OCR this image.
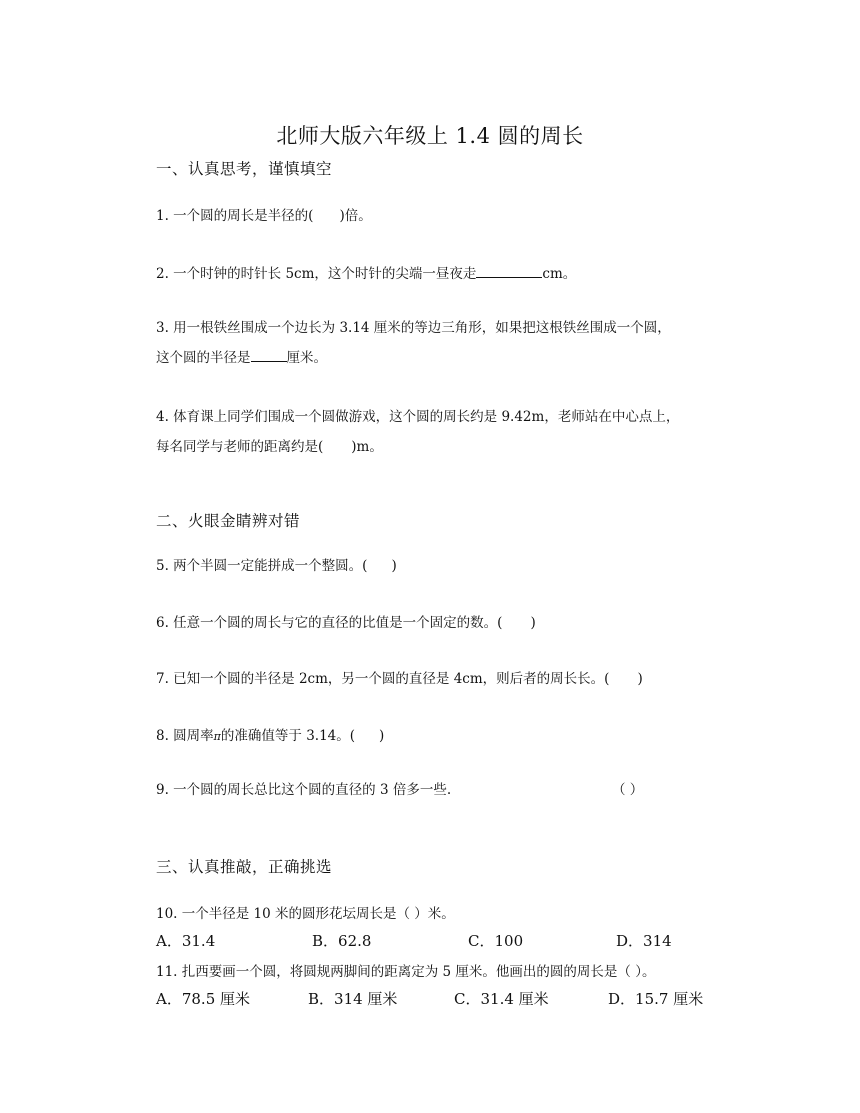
北师大版六年级上 1.4 圆的周长
一、认真思考，谨慎填空
1. 一个圆的周长是半径的( )倍。
2. 一个时钟的时针长 5cm，这个时针的尖端一昼夜走	cm。
3. 用一根铁丝围成一个边长为 3.14 厘米的等边三角形，如果把这根铁丝围成一个圆，
这个圆的半径是	厘米。
4. 体育课上同学们围成一个圆做游戏，这个圆的周长约是 9.42m，老师站在中心点上，
每名同学与老师的距离约是( )m。
二、火眼金睛辨对错
5. 两个半圆一定能拼成一个整圆。( )
6. 任意一个圆的周长与它的直径的比值是一个固定的数。( )
7. 已知一个圆的半径是 2cm，另一个圆的直径是 4cm，则后者的周长长。( )
8. 圆周率π的准确值等于 3.14。( )
9. 一个圆的周长总比这个圆的直径的 3 倍多一些.	（ ）
三、认真推敲，正确挑选
10. 一个半径是 10 米的圆形花坛周长是（ ）米。
A．31.4	B．62.8	C．100	D．314
11. 扎西要画一个圆，将圆规两脚间的距离定为 5 厘米。他画出的圆的周长是（ ）。
A．78.5 厘米	B．314 厘米	C．31.4 厘米	D．15.7 厘米
